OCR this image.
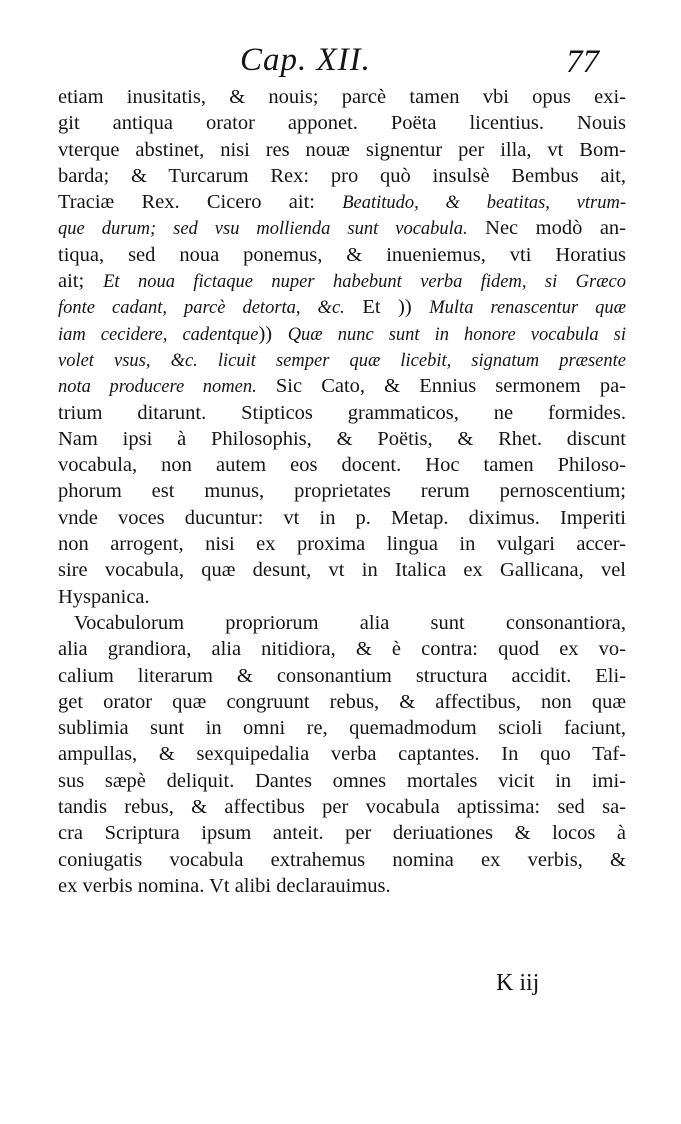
Cap. XII.	77
etiam inusitatis, & nouis; parcè tamen vbi opus exi-
git antiqua orator apponet. Poëta licentius. Nouis
vterque abstinet, nisi res nouæ signentur per illa, vt Bom-
barda; & Turcarum Rex: pro quò insulsè Bembus ait,
Traciæ Rex. Cicero ait: Beatitudo, & beatitas, vtrum-
que durum; sed vsu mollienda sunt vocabula. Nec modò an-
tiqua, sed noua ponemus, & inueniemus, vti Horatius
ait; Et noua fictaque nuper habebunt verba fidem, si Græco
fonte cadant, parcè detorta, &c. Et )) Multa renascentur quæ
iam cecidere, cadentque)) Quæ nunc sunt in honore vocabula si
volet vsus, &c. licuit semper quæ licebit, signatum præsente
nota producere nomen. Sic Cato, & Ennius sermonem pa-
trium ditarunt. Stipticos grammaticos, ne formides.
Nam ipsi à Philosophis, & Poëtis, & Rhet. discunt
vocabula, non autem eos docent. Hoc tamen Philoso-
phorum est munus, proprietates rerum pernoscentium;
vnde voces ducuntur: vt in p. Metap. diximus. Imperiti
non arrogent, nisi ex proxima lingua in vulgari accer-
sire vocabula, quæ desunt, vt in Italica ex Gallicana, vel
Hyspanica.
Vocabulorum propriorum alia sunt consonantiora,
alia grandiora, alia nitidiora, & è contra: quod ex vo-
calium literarum & consonantium structura accidit. Eli-
get orator quæ congruunt rebus, & affectibus, non quæ
sublimia sunt in omni re, quemadmodum scioli faciunt,
ampullas, & sexquipedalia verba captantes. In quo Taf-
sus sæpè deliquit. Dantes omnes mortales vicit in imi-
tandis rebus, & affectibus per vocabula aptissima: sed sa-
cra Scriptura ipsum anteit. per deriuationes & locos à
coniugatis vocabula extrahemus nomina ex verbis, &
ex verbis nomina. Vt alibi declarauimus.
K iij
